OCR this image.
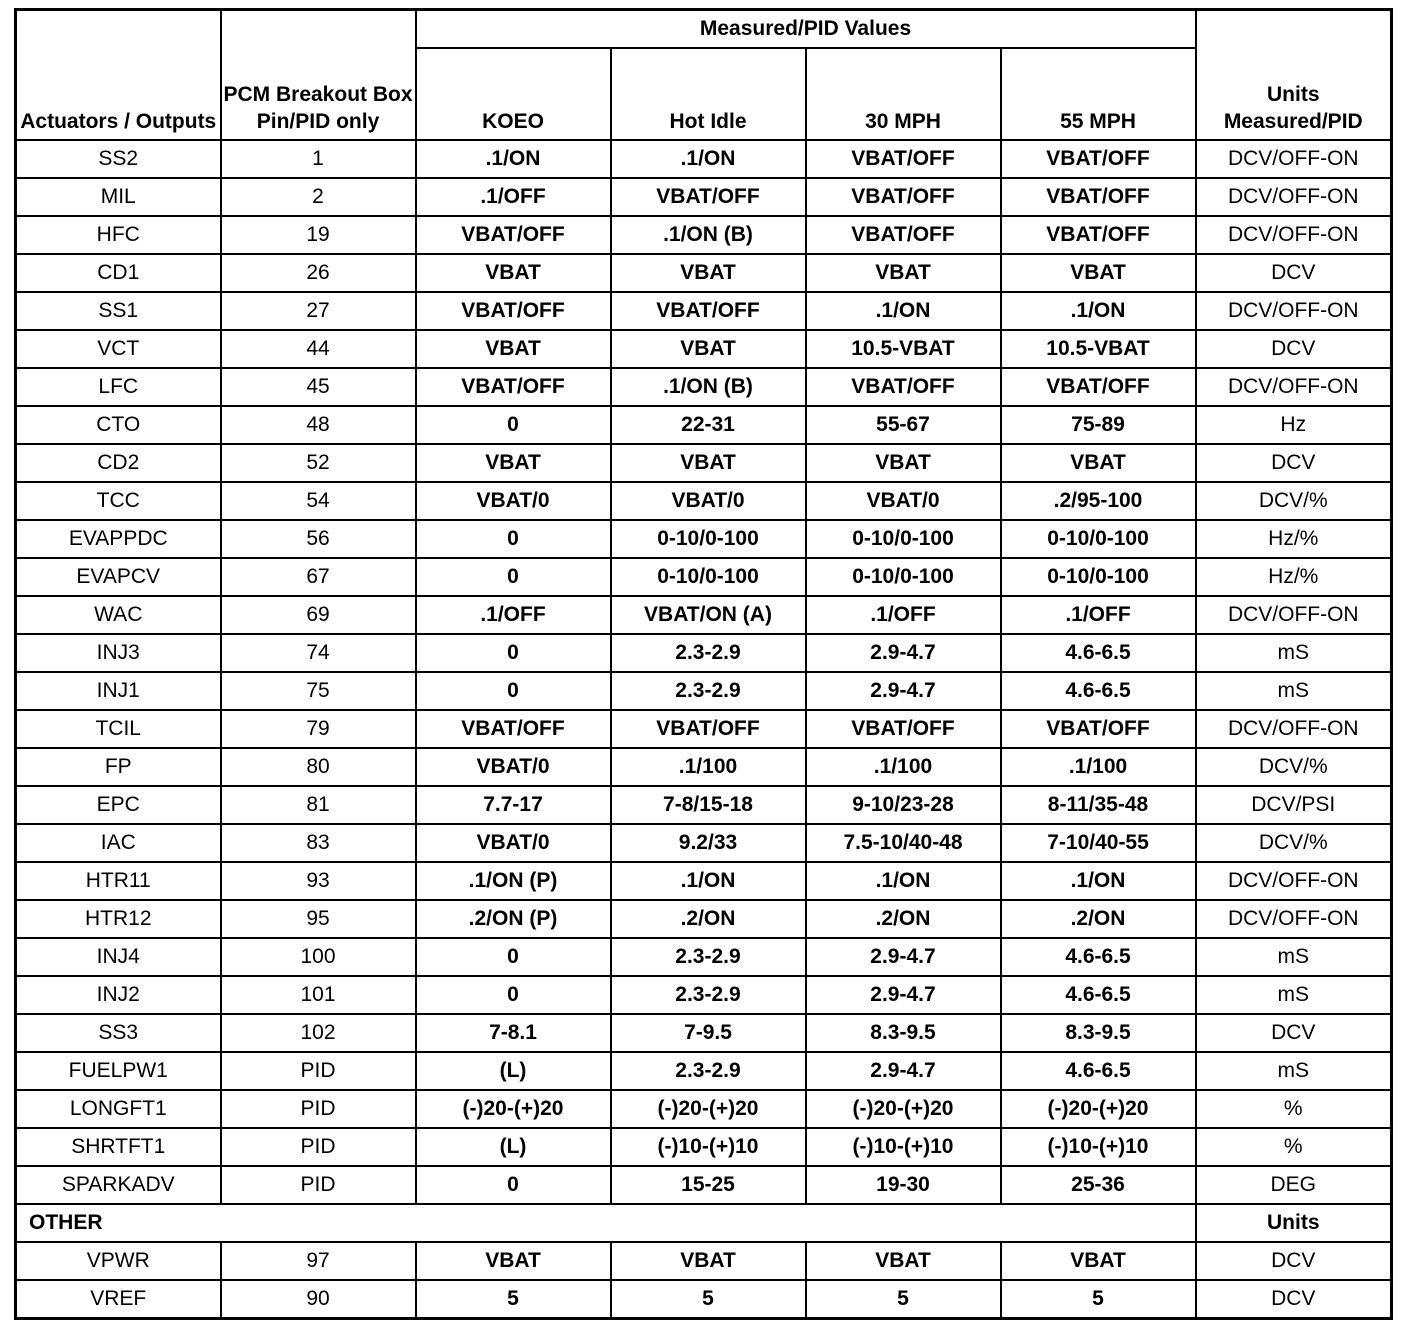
Actuators / Outputs	PCM Breakout Box Pin/PID only	Measured/PID Values				Units Measured/PID
		KOEO	Hot Idle	30 MPH	55 MPH	
SS2	1	.1/ON	.1/ON	VBAT/OFF	VBAT/OFF	DCV/OFF-ON
MIL	2	.1/OFF	VBAT/OFF	VBAT/OFF	VBAT/OFF	DCV/OFF-ON
HFC	19	VBAT/OFF	.1/ON (B)	VBAT/OFF	VBAT/OFF	DCV/OFF-ON
CD1	26	VBAT	VBAT	VBAT	VBAT	DCV
SS1	27	VBAT/OFF	VBAT/OFF	.1/ON	.1/ON	DCV/OFF-ON
VCT	44	VBAT	VBAT	10.5-VBAT	10.5-VBAT	DCV
LFC	45	VBAT/OFF	.1/ON (B)	VBAT/OFF	VBAT/OFF	DCV/OFF-ON
CTO	48	0	22-31	55-67	75-89	Hz
CD2	52	VBAT	VBAT	VBAT	VBAT	DCV
TCC	54	VBAT/0	VBAT/0	VBAT/0	.2/95-100	DCV/%
EVAPPDC	56	0	0-10/0-100	0-10/0-100	0-10/0-100	Hz/%
EVAPCV	67	0	0-10/0-100	0-10/0-100	0-10/0-100	Hz/%
WAC	69	.1/OFF	VBAT/ON (A)	.1/OFF	.1/OFF	DCV/OFF-ON
INJ3	74	0	2.3-2.9	2.9-4.7	4.6-6.5	mS
INJ1	75	0	2.3-2.9	2.9-4.7	4.6-6.5	mS
TCIL	79	VBAT/OFF	VBAT/OFF	VBAT/OFF	VBAT/OFF	DCV/OFF-ON
FP	80	VBAT/0	.1/100	.1/100	.1/100	DCV/%
EPC	81	7.7-17	7-8/15-18	9-10/23-28	8-11/35-48	DCV/PSI
IAC	83	VBAT/0	9.2/33	7.5-10/40-48	7-10/40-55	DCV/%
HTR11	93	.1/ON (P)	.1/ON	.1/ON	.1/ON	DCV/OFF-ON
HTR12	95	.2/ON (P)	.2/ON	.2/ON	.2/ON	DCV/OFF-ON
INJ4	100	0	2.3-2.9	2.9-4.7	4.6-6.5	mS
INJ2	101	0	2.3-2.9	2.9-4.7	4.6-6.5	mS
SS3	102	7-8.1	7-9.5	8.3-9.5	8.3-9.5	DCV
FUELPW1	PID	(L)	2.3-2.9	2.9-4.7	4.6-6.5	mS
LONGFT1	PID	(-)20-(+)20	(-)20-(+)20	(-)20-(+)20	(-)20-(+)20	%
SHRTFT1	PID	(L)	(-)10-(+)10	(-)10-(+)10	(-)10-(+)10	%
SPARKADV	PID	0	15-25	19-30	25-36	DEG
OTHER						Units
VPWR	97	VBAT	VBAT	VBAT	VBAT	DCV
VREF	90	5	5	5	5	DCV
